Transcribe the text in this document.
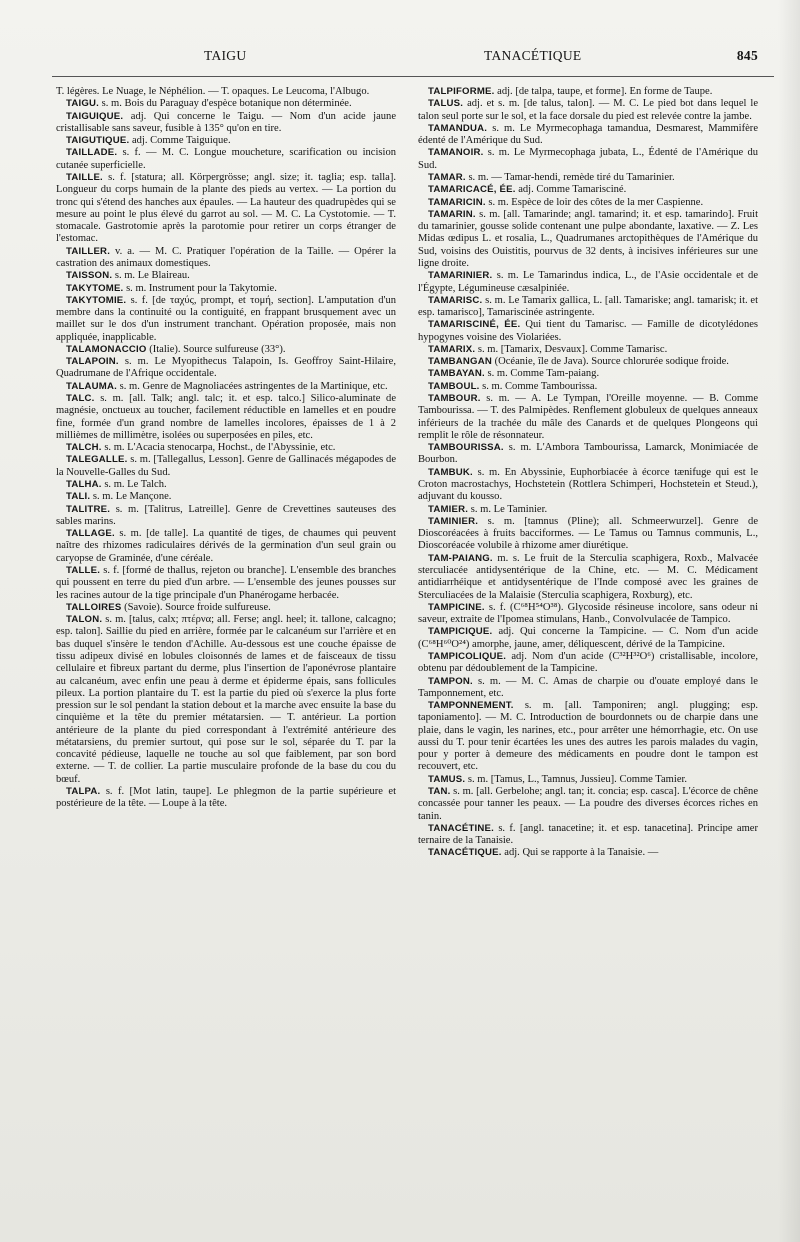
TAIGU	TANACÉTIQUE	845

T. légères. Le Nuage, le Néphélion. — T. opaques. Le Leucoma, l'Albugo.

TAIGU. s. m. Bois du Paraguay d'espèce botanique non déterminée.

TAIGUIQUE. adj. Qui concerne le Taigu. — Nom d'un acide jaune cristallisable sans saveur, fusible à 135° qu'on en tire.

TAIGUTIQUE. adj. Comme Taiguique.

TAILLADE. s. f. — M. C. Longue moucheture, scarification ou incision cutanée superficielle.

TAILLE. s. f. [statura; all. Körpergrösse; angl. size; it. taglia; esp. talla]. Longueur du corps humain de la plante des pieds au vertex. — La portion du tronc qui s'étend des hanches aux épaules. — La hauteur des quadrupèdes qui se mesure au point le plus élevé du garrot au sol. — M. C. La Cystotomie. — T. stomacale. Gastrotomie après la parotomie pour retirer un corps étranger de l'estomac.

TAILLER. v. a. — M. C. Pratiquer l'opération de la Taille. — Opérer la castration des animaux domestiques.

TAISSON. s. m. Le Blaireau.

TAKYTOME. s. m. Instrument pour la Takytomie.

TAKYTOMIE. s. f. [de ταχύς, prompt, et τομή, section]. L'amputation d'un membre dans la continuité ou la contiguité, en frappant brusquement avec un maillet sur le dos d'un instrument tranchant. Opération proposée, mais non appliquée, inapplicable.

TALAMONACCIO (Italie). Source sulfureuse (33°).

TALAPOIN. s. m. Le Myopithecus Talapoin, Is. Geoffroy Saint-Hilaire, Quadrumane de l'Afrique occidentale.

TALAUMA. s. m. Genre de Magnoliacées astringentes de la Martinique, etc.

TALC. s. m. [all. Talk; angl. talc; it. et esp. talco.] Silico-aluminate de magnésie, onctueux au toucher, facilement réductible en lamelles et en poudre fine, formée d'un grand nombre de lamelles incolores, épaisses de 1 à 2 millièmes de millimètre, isolées ou superposées en piles, etc.

TALCH. s. m. L'Acacia stenocarpa, Hochst., de l'Abyssinie, etc.

TALEGALLE. s. m. [Tallegallus, Lesson]. Genre de Gallinacés mégapodes de la Nouvelle-Galles du Sud.

TALHA. s. m. Le Talch.

TALI. s. m. Le Mançone.

TALITRE. s. m. [Talitrus, Latreille]. Genre de Crevettines sauteuses des sables marins.

TALLAGE. s. m. [de talle]. La quantité de tiges, de chaumes qui peuvent naître des rhizomes radiculaires dérivés de la germination d'un seul grain ou caryopse de Graminée, d'une céréale.

TALLE. s. f. [formé de thallus, rejeton ou branche]. L'ensemble des branches qui poussent en terre du pied d'un arbre. — L'ensemble des jeunes pousses sur les racines autour de la tige principale d'un Phanérogame herbacée.

TALLOIRES (Savoie). Source froide sulfureuse.

TALON. s. m. [talus, calx; πτέρνα; all. Ferse; angl. heel; it. tallone, calcagno; esp. talon]. Saillie du pied en arrière, formée par le calcanéum sur l'arrière et en bas duquel s'insère le tendon d'Achille. Au-dessous est une couche épaisse de tissu adipeux divisé en lobules cloisonnés de lames et de faisceaux de tissu cellulaire et fibreux partant du derme, plus l'insertion de l'aponévrose plantaire au calcanéum, avec enfin une peau à derme et épiderme épais, sans follicules pileux. La portion plantaire du T. est la partie du pied où s'exerce la plus forte pression sur le sol pendant la station debout et la marche avec ensuite la base du cinquième et la tête du premier métatarsien. — T. antérieur. La portion antérieure de la plante du pied correspondant à l'extrémité antérieure des métatarsiens, du premier surtout, qui pose sur le sol, séparée du T. par la concavité pédieuse, laquelle ne touche au sol que faiblement, par son bord externe. — T. de collier. La partie musculaire profonde de la base du cou du bœuf.

TALPA. s. f. [Mot latin, taupe]. Le phlegmon de la partie supérieure et postérieure de la tête. — Loupe à la tête.

TALPIFORME. adj. [de talpa, taupe, et forme]. En forme de Taupe.

TALUS. adj. et s. m. [de talus, talon]. — M. C. Le pied bot dans lequel le talon seul porte sur le sol, et la face dorsale du pied est relevée contre la jambe.

TAMANDUA. s. m. Le Myrmecophaga tamandua, Desmarest, Mammifère édenté de l'Amérique du Sud.

TAMANOIR. s. m. Le Myrmecophaga jubata, L., Édenté de l'Amérique du Sud.

TAMAR. s. m. — Tamar-hendi, remède tiré du Tamarinier.

TAMARICACÉ, ÉE. adj. Comme Tamarisciné.

TAMARICIN. s. m. Espèce de loir des côtes de la mer Caspienne.

TAMARIN. s. m. [all. Tamarinde; angl. tamarind; it. et esp. tamarindo]. Fruit du tamarinier, gousse solide contenant une pulpe abondante, laxative. — Z. Les Midas œdipus L. et rosalia, L., Quadrumanes arctopithèques de l'Amérique du Sud, voisins des Ouistitis, pourvus de 32 dents, à incisives inférieures sur une ligne droite.

TAMARINIER. s. m. Le Tamarindus indica, L., de l'Asie occidentale et de l'Égypte, Légumineuse cæsalpiniée.

TAMARISC. s. m. Le Tamarix gallica, L. [all. Tamariske; angl. tamarisk; it. et esp. tamarisco], Tamariscinée astringente.

TAMARISCINÉ, ÉE. Qui tient du Tamarisc. — Famille de dicotylédones hypogynes voisine des Violariées.

TAMARIX. s. m. [Tamarix, Desvaux]. Comme Tamarisc.

TAMBANGAN (Océanie, île de Java). Source chlorurée sodique froide.

TAMBAYAN. s. m. Comme Tam-paiang.

TAMBOUL. s. m. Comme Tambourissa.

TAMBOUR. s. m. — A. Le Tympan, l'Oreille moyenne. — B. Comme Tambourissa. — T. des Palmipèdes. Renflement globuleux de quelques anneaux inférieurs de la trachée du mâle des Canards et de quelques Plongeons qui remplit le rôle de résonnateur.

TAMBOURISSA. s. m. L'Ambora Tambourissa, Lamarck, Monimiacée de Bourbon.

TAMBUK. s. m. En Abyssinie, Euphorbiacée à écorce tænifuge qui est le Croton macrostachys, Hochstetein (Rottlera Schimperi, Hochstetein et Steud.), adjuvant du kousso.

TAMIER. s. m. Le Taminier.

TAMINIER. s. m. [tamnus (Pline); all. Schmeerwurzel]. Genre de Dioscoréacées à fruits bacciformes. — Le Tamus ou Tamnus communis, L., Dioscoréacée volubile à rhizome amer diurétique.

TAM-PAIANG. m. s. Le fruit de la Sterculia scaphigera, Roxb., Malvacée sterculiacée antidysentérique de la Chine, etc. — M. C. Médicament antidiarrhéique et antidysentérique de l'Inde composé avec les graines de Sterculiacées de la Malaisie (Sterculia scaphigera, Roxburg), etc.

TAMPICINE. s. f. (C⁶⁸H⁵⁴O³⁸). Glycoside résineuse incolore, sans odeur ni saveur, extraite de l'Ipomea stimulans, Hanb., Convolvulacée de Tampico.

TAMPICIQUE. adj. Qui concerne la Tampicine. — C. Nom d'un acide (C⁶⁸H⁶⁰O²⁴) amorphe, jaune, amer, déliquescent, dérivé de la Tampicine.

TAMPICOLIQUE. adj. Nom d'un acide (C³²H³²O⁶) cristallisable, incolore, obtenu par dédoublement de la Tampicine.

TAMPON. s. m. — M. C. Amas de charpie ou d'ouate employé dans le Tamponnement, etc.

TAMPONNEMENT. s. m. [all. Tamponiren; angl. plugging; esp. taponiamento]. — M. C. Introduction de bourdonnets ou de charpie dans une plaie, dans le vagin, les narines, etc., pour arrêter une hémorrhagie, etc. On use aussi du T. pour tenir écartées les unes des autres les parois malades du vagin, pour y porter à demeure des médicaments en poudre dont le tampon est recouvert, etc.

TAMUS. s. m. [Tamus, L., Tamnus, Jussieu]. Comme Tamier.

TAN. s. m. [all. Gerbelohe; angl. tan; it. concia; esp. casca]. L'écorce de chêne concassée pour tanner les peaux. — La poudre des diverses écorces riches en tanin.

TANACÉTINE. s. f. [angl. tanacetine; it. et esp. tanacetina]. Principe amer ternaire de la Tanaisie.

TANACÉTIQUE. adj. Qui se rapporte à la Tanaisie. —
